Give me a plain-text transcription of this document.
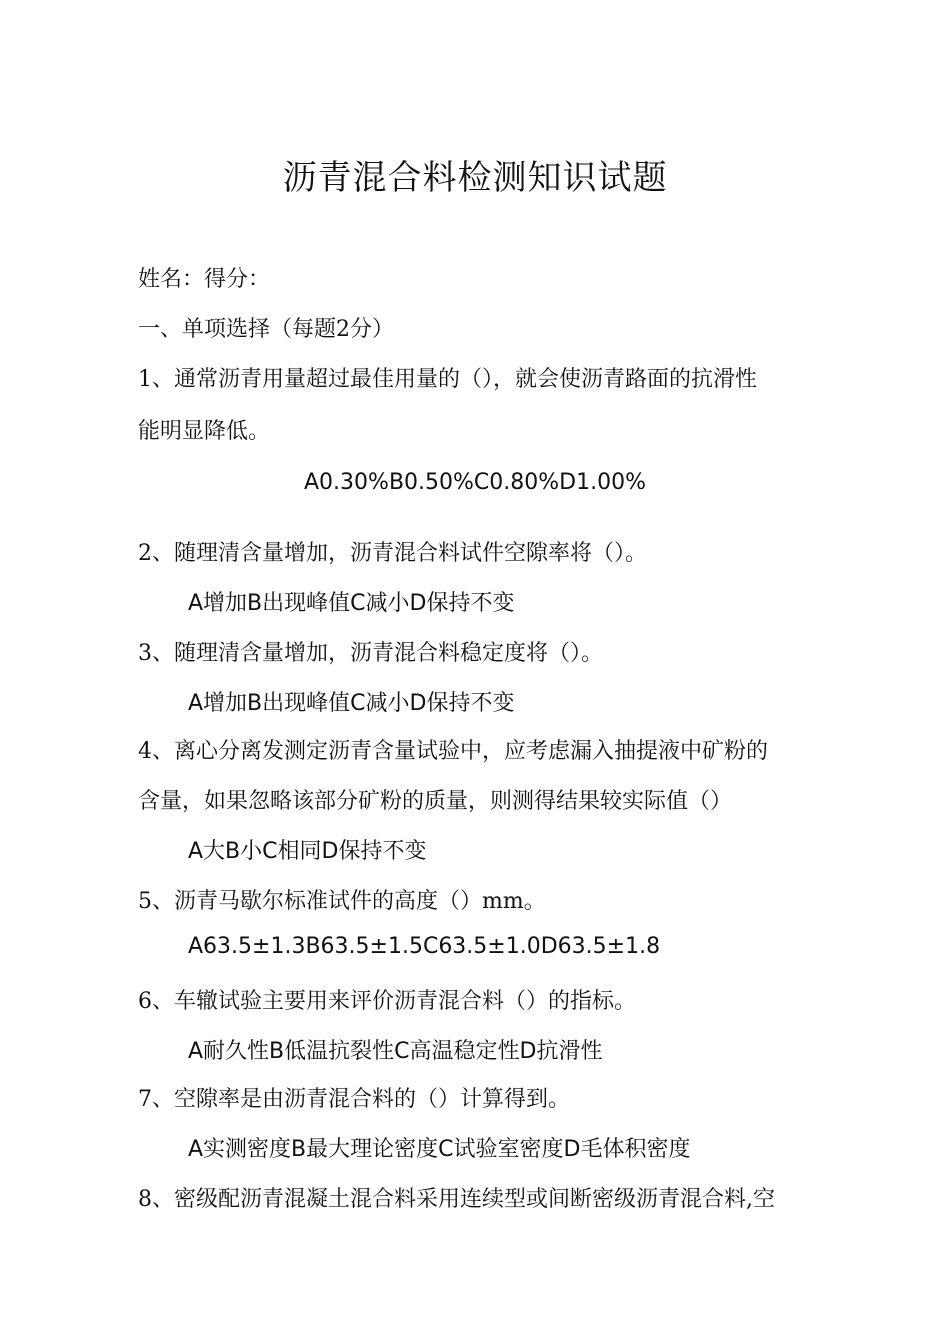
沥青混合料检测知识试题
姓名：得分：
一、单项选择（每题2分）
1、通常沥青用量超过最佳用量的（），就会使沥青路面的抗滑性
能明显降低。
A0.30%B0.50%C0.80%D1.00%
2、随理清含量增加，沥青混合料试件空隙率将（）。
A增加B出现峰值C减小D保持不变
3、随理清含量增加，沥青混合料稳定度将（）。
A增加B出现峰值C减小D保持不变
4、离心分离发测定沥青含量试验中，应考虑漏入抽提液中矿粉的
含量，如果忽略该部分矿粉的质量，则测得结果较实际值（）
A大B小C相同D保持不变
5、沥青马歇尔标准试件的高度（）mm。
A63.5±1.3B63.5±1.5C63.5±1.0D63.5±1.8
6、车辙试验主要用来评价沥青混合料（）的指标。
A耐久性B低温抗裂性C高温稳定性D抗滑性
7、空隙率是由沥青混合料的（）计算得到。
A实测密度B最大理论密度C试验室密度D毛体积密度
8、密级配沥青混凝土混合料采用连续型或间断密级沥青混合料,空
